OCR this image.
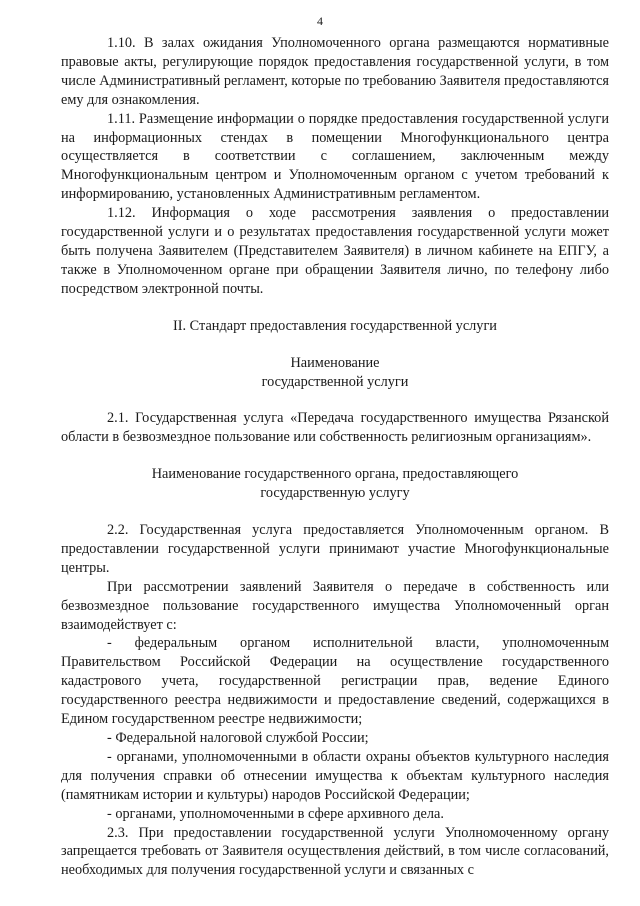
4

1.10. В залах ожидания Уполномоченного органа размещаются нормативные правовые акты, регулирующие порядок предоставления государственной услуги, в том числе Административный регламент, которые по требованию Заявителя предоставляются ему для ознакомления.

1.11. Размещение информации о порядке предоставления государственной услуги на информационных стендах в помещении Многофункционального центра осуществляется в соответствии с соглашением, заключенным между Многофункциональным центром и Уполномоченным органом с учетом требований к информированию, установленных Административным регламентом.

1.12. Информация о ходе рассмотрения заявления о предоставлении государственной услуги и о результатах предоставления государственной услуги может быть получена Заявителем (Представителем Заявителя) в личном кабинете на ЕПГУ, а также в Уполномоченном органе при обращении Заявителя лично, по телефону либо посредством электронной почты.

II. Стандарт предоставления государственной услуги
Наименование
государственной услуги

2.1. Государственная услуга «Передача государственного имущества Рязанской области в безвозмездное пользование или собственность религиозным организациям».

Наименование государственного органа, предоставляющего
государственную услугу

2.2. Государственная услуга предоставляется Уполномоченным органом. В предоставлении государственной услуги принимают участие Многофункциональные центры.

При рассмотрении заявлений Заявителя о передаче в собственность или безвозмездное пользование государственного имущества Уполномоченный орган взаимодействует с:

- федеральным органом исполнительной власти, уполномоченным Правительством Российской Федерации на осуществление государственного кадастрового учета, государственной регистрации прав, ведение Единого государственного реестра недвижимости и предоставление сведений, содержащихся в Едином государственном реестре недвижимости;

- Федеральной налоговой службой России;

- органами, уполномоченными в области охраны объектов культурного наследия для получения справки об отнесении имущества к объектам культурного наследия (памятникам истории и культуры) народов Российской Федерации;

- органами, уполномоченными в сфере архивного дела.

2.3. При предоставлении государственной услуги Уполномоченному органу запрещается требовать от Заявителя осуществления действий, в том числе согласований, необходимых для получения государственной услуги и связанных с
